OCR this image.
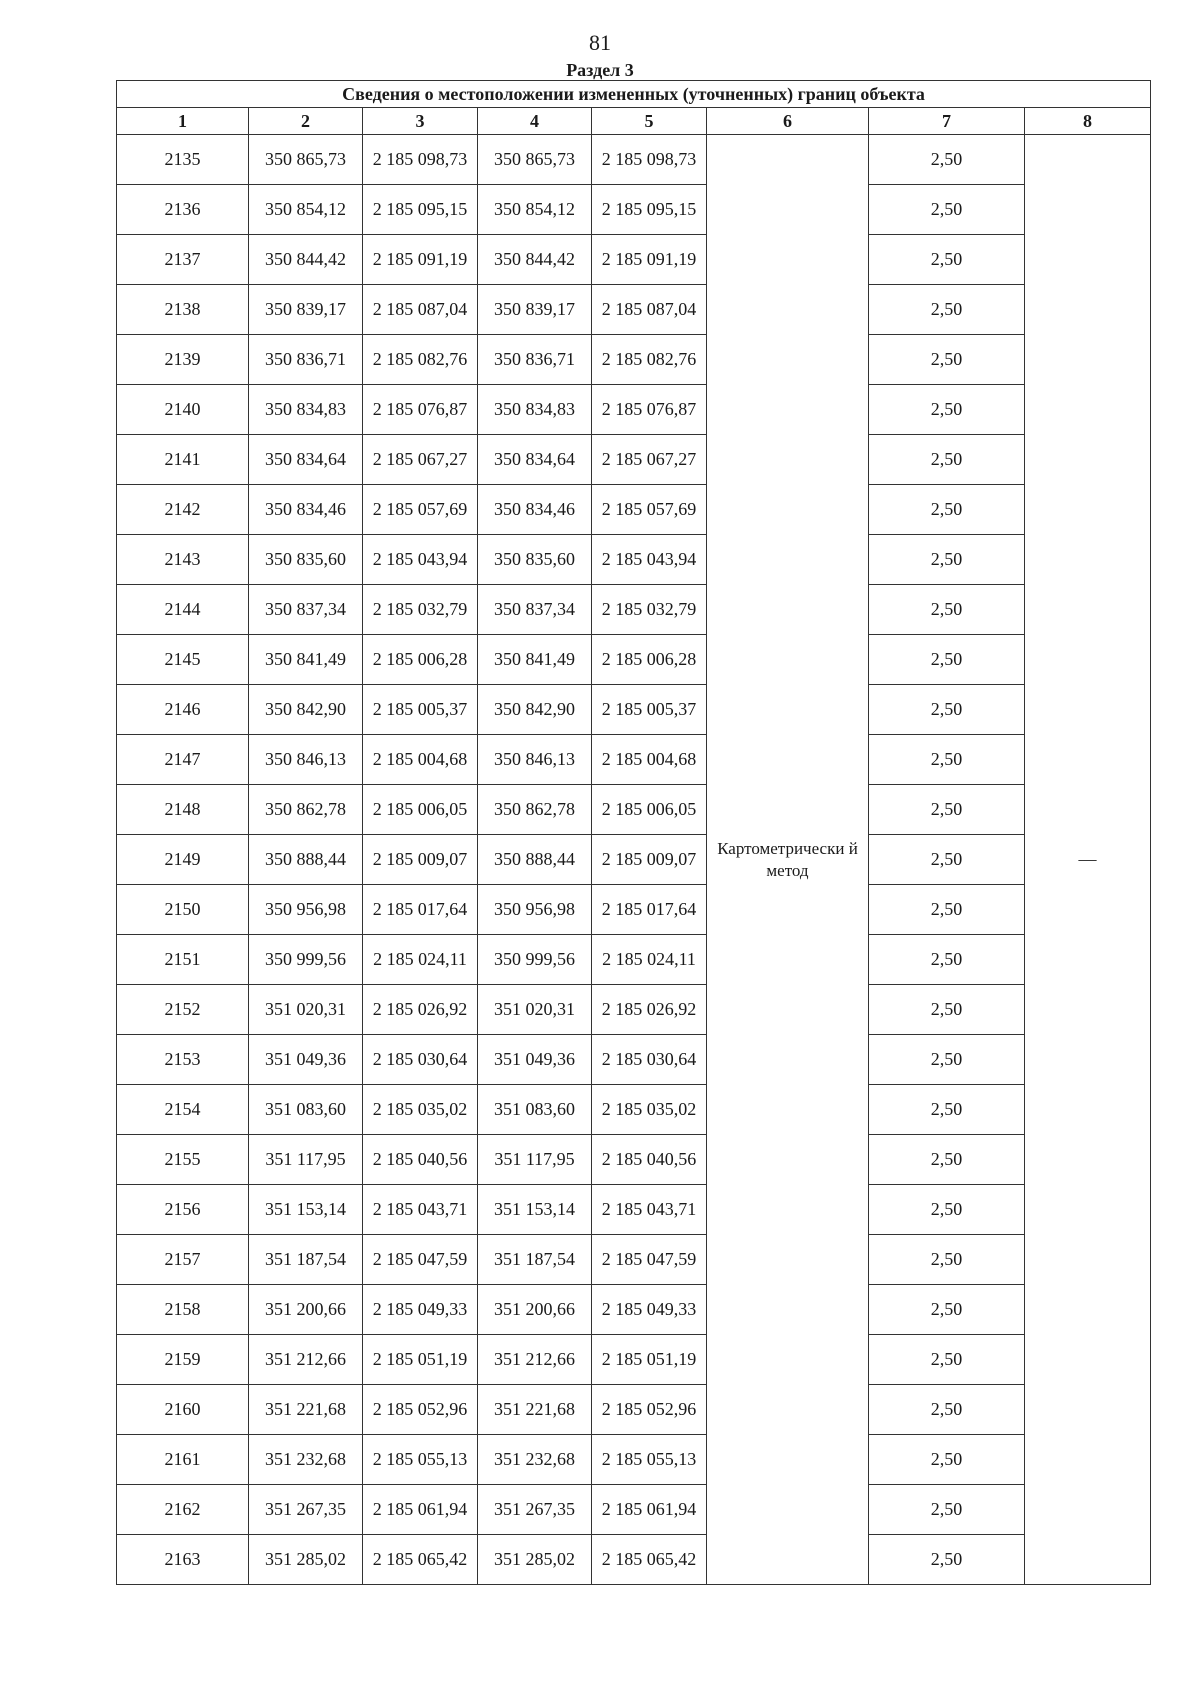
81
Раздел 3
Сведения о местоположении измененных (уточненных) границ объекта							
1	2	3	4	5	6	7	8
2135	350 865,73	2 185 098,73	350 865,73	2 185 098,73	Картометрически й метод	2,50	—
2136	350 854,12	2 185 095,15	350 854,12	2 185 095,15		2,50	
2137	350 844,42	2 185 091,19	350 844,42	2 185 091,19		2,50	
2138	350 839,17	2 185 087,04	350 839,17	2 185 087,04		2,50	
2139	350 836,71	2 185 082,76	350 836,71	2 185 082,76		2,50	
2140	350 834,83	2 185 076,87	350 834,83	2 185 076,87		2,50	
2141	350 834,64	2 185 067,27	350 834,64	2 185 067,27		2,50	
2142	350 834,46	2 185 057,69	350 834,46	2 185 057,69		2,50	
2143	350 835,60	2 185 043,94	350 835,60	2 185 043,94		2,50	
2144	350 837,34	2 185 032,79	350 837,34	2 185 032,79		2,50	
2145	350 841,49	2 185 006,28	350 841,49	2 185 006,28		2,50	
2146	350 842,90	2 185 005,37	350 842,90	2 185 005,37		2,50	
2147	350 846,13	2 185 004,68	350 846,13	2 185 004,68		2,50	
2148	350 862,78	2 185 006,05	350 862,78	2 185 006,05		2,50	
2149	350 888,44	2 185 009,07	350 888,44	2 185 009,07		2,50	
2150	350 956,98	2 185 017,64	350 956,98	2 185 017,64		2,50	
2151	350 999,56	2 185 024,11	350 999,56	2 185 024,11		2,50	
2152	351 020,31	2 185 026,92	351 020,31	2 185 026,92		2,50	
2153	351 049,36	2 185 030,64	351 049,36	2 185 030,64		2,50	
2154	351 083,60	2 185 035,02	351 083,60	2 185 035,02		2,50	
2155	351 117,95	2 185 040,56	351 117,95	2 185 040,56		2,50	
2156	351 153,14	2 185 043,71	351 153,14	2 185 043,71		2,50	
2157	351 187,54	2 185 047,59	351 187,54	2 185 047,59		2,50	
2158	351 200,66	2 185 049,33	351 200,66	2 185 049,33		2,50	
2159	351 212,66	2 185 051,19	351 212,66	2 185 051,19		2,50	
2160	351 221,68	2 185 052,96	351 221,68	2 185 052,96		2,50	
2161	351 232,68	2 185 055,13	351 232,68	2 185 055,13		2,50	
2162	351 267,35	2 185 061,94	351 267,35	2 185 061,94		2,50	
2163	351 285,02	2 185 065,42	351 285,02	2 185 065,42		2,50	
